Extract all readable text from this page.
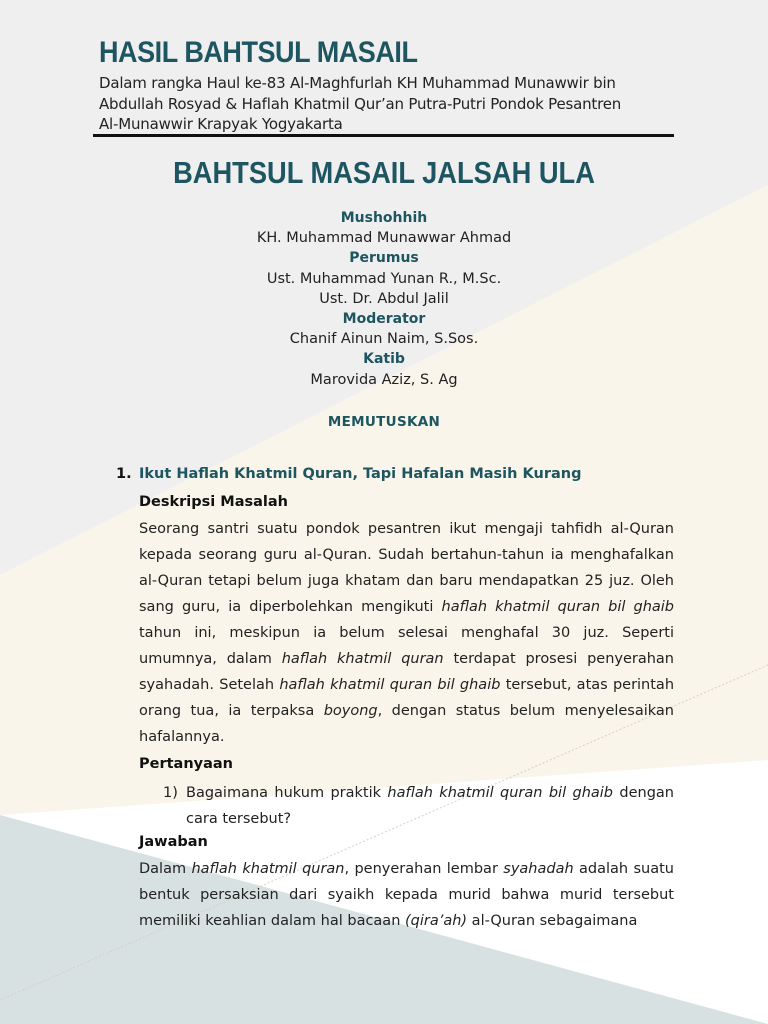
HASIL BAHTSUL MASAIL
Dalam rangka Haul ke-83 Al-Maghfurlah KH Muhammad Munawwir bin
Abdullah Rosyad & Haflah Khatmil Qur’an Putra-Putri Pondok Pesantren
Al-Munawwir Krapyak Yogyakarta
BAHTSUL MASAIL JALSAH ULA
Mushohhih
KH. Muhammad Munawwar Ahmad
Perumus
Ust. Muhammad Yunan R., M.Sc.
Ust. Dr. Abdul Jalil
Moderator
Chanif Ainun Naim, S.Sos.
Katib
Marovida Aziz, S. Ag
MEMUTUSKAN
1. Ikut Haflah Khatmil Quran, Tapi Hafalan Masih Kurang
Deskripsi Masalah
Seorang santri suatu pondok pesantren ikut mengaji tahfidh al-Quran
kepada seorang guru al-Quran. Sudah bertahun-tahun ia menghafalkan
al-Quran tetapi belum juga khatam dan baru mendapatkan 25 juz. Oleh
sang guru, ia diperbolehkan mengikuti haflah khatmil quran bil ghaib
tahun ini, meskipun ia belum selesai menghafal 30 juz. Seperti
umumnya, dalam haflah khatmil quran terdapat prosesi penyerahan
syahadah. Setelah haflah khatmil quran bil ghaib tersebut, atas perintah
orang tua, ia terpaksa boyong, dengan status belum menyelesaikan
hafalannya.
Pertanyaan
1) Bagaimana hukum praktik haflah khatmil quran bil ghaib dengan
cara tersebut?
Jawaban
Dalam haflah khatmil quran, penyerahan lembar syahadah adalah suatu
bentuk persaksian dari syaikh kepada murid bahwa murid tersebut
memiliki keahlian dalam hal bacaan (qira’ah) al-Quran sebagaimana
